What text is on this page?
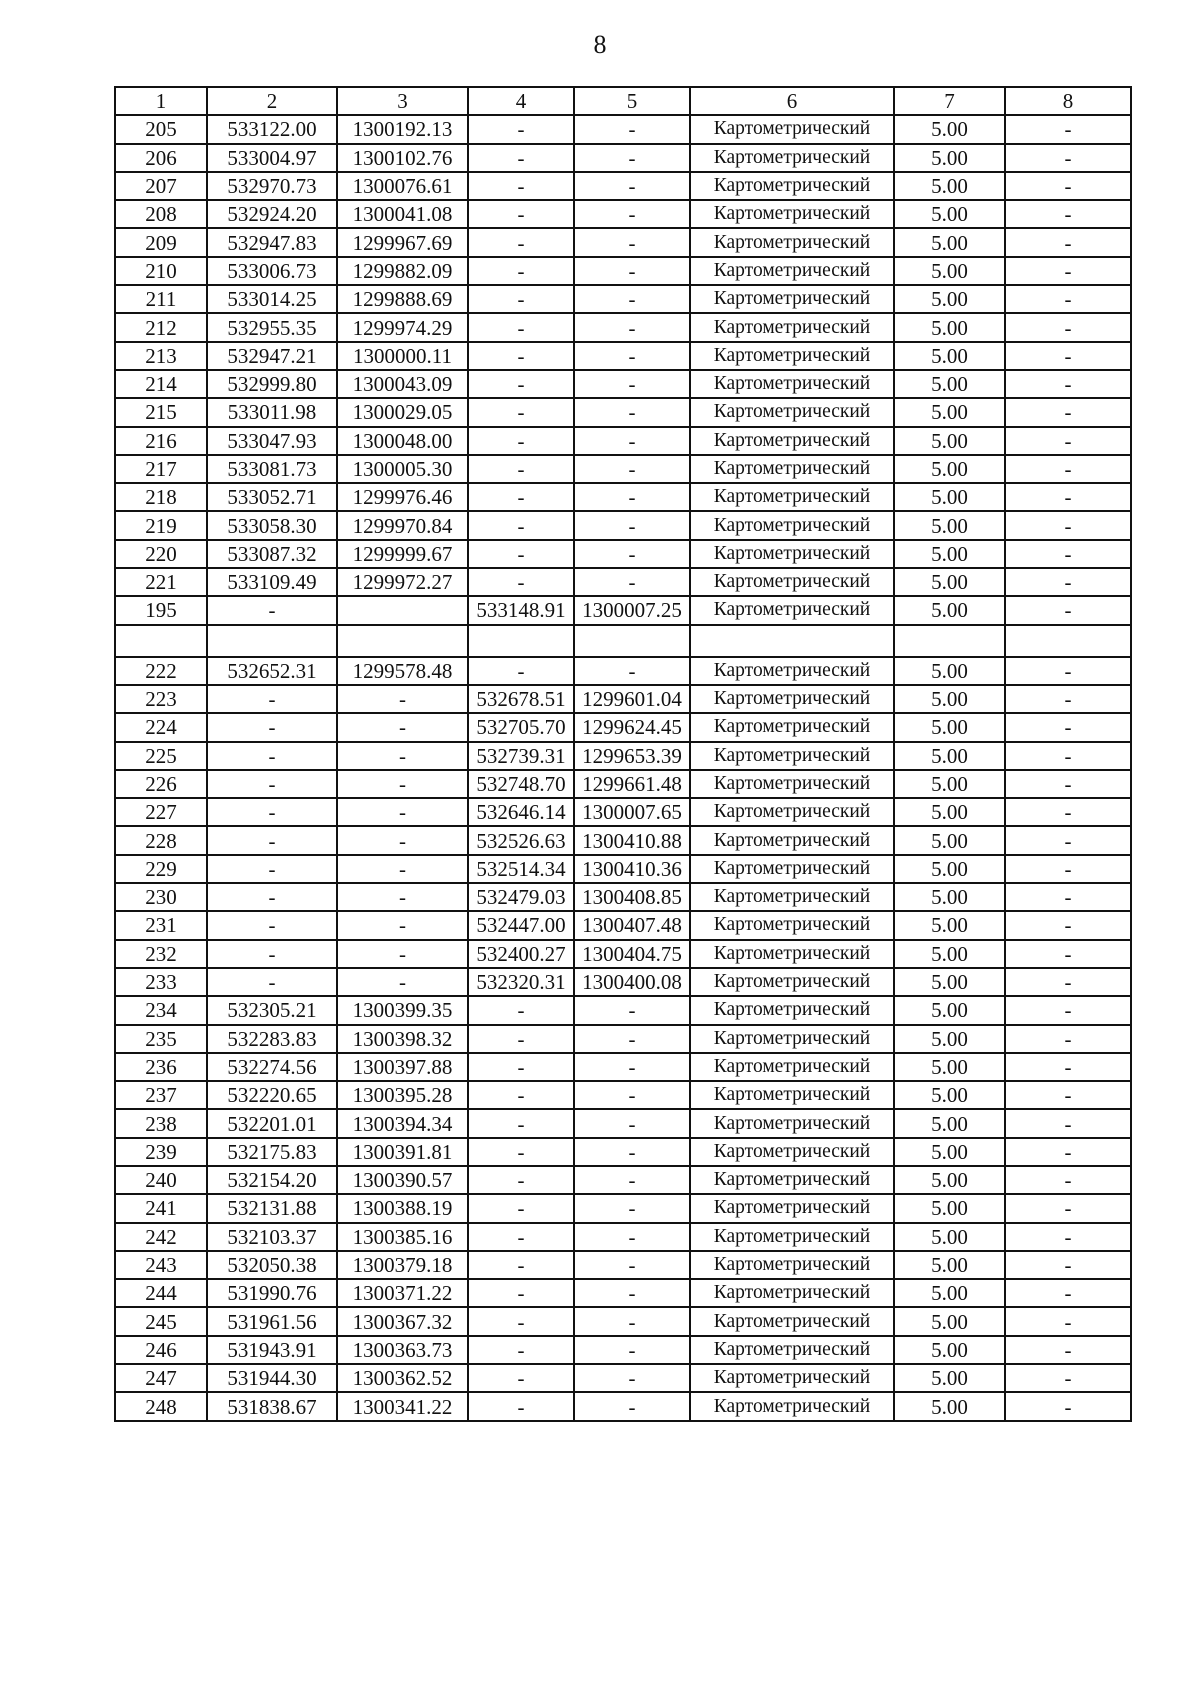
8
1	2	3	4	5	6	7	8
205	533122.00	1300192.13	-	-	Картометрический	5.00	-
206	533004.97	1300102.76	-	-	Картометрический	5.00	-
207	532970.73	1300076.61	-	-	Картометрический	5.00	-
208	532924.20	1300041.08	-	-	Картометрический	5.00	-
209	532947.83	1299967.69	-	-	Картометрический	5.00	-
210	533006.73	1299882.09	-	-	Картометрический	5.00	-
211	533014.25	1299888.69	-	-	Картометрический	5.00	-
212	532955.35	1299974.29	-	-	Картометрический	5.00	-
213	532947.21	1300000.11	-	-	Картометрический	5.00	-
214	532999.80	1300043.09	-	-	Картометрический	5.00	-
215	533011.98	1300029.05	-	-	Картометрический	5.00	-
216	533047.93	1300048.00	-	-	Картометрический	5.00	-
217	533081.73	1300005.30	-	-	Картометрический	5.00	-
218	533052.71	1299976.46	-	-	Картометрический	5.00	-
219	533058.30	1299970.84	-	-	Картометрический	5.00	-
220	533087.32	1299999.67	-	-	Картометрический	5.00	-
221	533109.49	1299972.27	-	-	Картометрический	5.00	-
195	-		533148.91	1300007.25	Картометрический	5.00	-

222	532652.31	1299578.48	-	-	Картометрический	5.00	-
223	-	-	532678.51	1299601.04	Картометрический	5.00	-
224	-	-	532705.70	1299624.45	Картометрический	5.00	-
225	-	-	532739.31	1299653.39	Картометрический	5.00	-
226	-	-	532748.70	1299661.48	Картометрический	5.00	-
227	-	-	532646.14	1300007.65	Картометрический	5.00	-
228	-	-	532526.63	1300410.88	Картометрический	5.00	-
229	-	-	532514.34	1300410.36	Картометрический	5.00	-
230	-	-	532479.03	1300408.85	Картометрический	5.00	-
231	-	-	532447.00	1300407.48	Картометрический	5.00	-
232	-	-	532400.27	1300404.75	Картометрический	5.00	-
233	-	-	532320.31	1300400.08	Картометрический	5.00	-
234	532305.21	1300399.35	-	-	Картометрический	5.00	-
235	532283.83	1300398.32	-	-	Картометрический	5.00	-
236	532274.56	1300397.88	-	-	Картометрический	5.00	-
237	532220.65	1300395.28	-	-	Картометрический	5.00	-
238	532201.01	1300394.34	-	-	Картометрический	5.00	-
239	532175.83	1300391.81	-	-	Картометрический	5.00	-
240	532154.20	1300390.57	-	-	Картометрический	5.00	-
241	532131.88	1300388.19	-	-	Картометрический	5.00	-
242	532103.37	1300385.16	-	-	Картометрический	5.00	-
243	532050.38	1300379.18	-	-	Картометрический	5.00	-
244	531990.76	1300371.22	-	-	Картометрический	5.00	-
245	531961.56	1300367.32	-	-	Картометрический	5.00	-
246	531943.91	1300363.73	-	-	Картометрический	5.00	-
247	531944.30	1300362.52	-	-	Картометрический	5.00	-
248	531838.67	1300341.22	-	-	Картометрический	5.00	-
